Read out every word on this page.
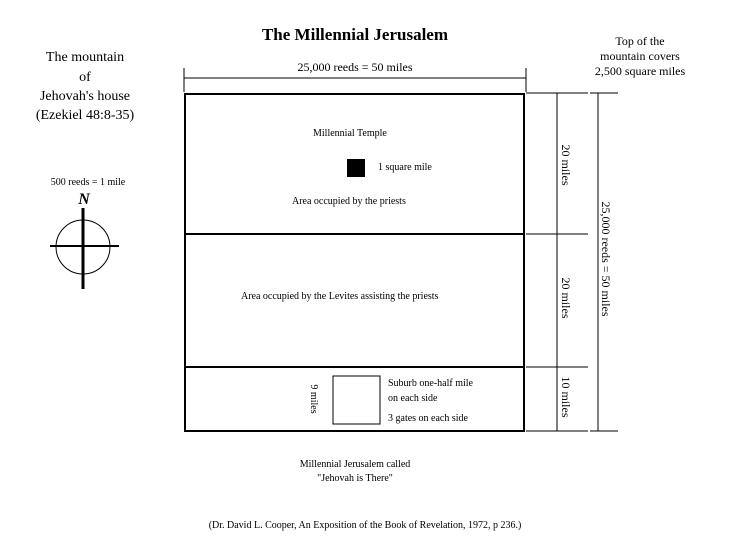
The Millennial Jerusalem
The mountain
of
Jehovah's house
(Ezekiel 48:8-35)
Top of the
mountain covers
2,500 square miles
500 reeds = 1 mile
N
25,000 reeds = 50 miles
Millennial Temple
1 square mile
Area occupied by the priests
Area occupied by the Levites assisting the priests
9 miles
Suburb one-half mile
on each side
3 gates on each side
20 miles
20 miles
10 miles
25,000 reeds = 50 miles
Millennial Jerusalem called
"Jehovah is There"
(Dr. David L. Cooper, An Exposition of the Book of Revelation, 1972, p 236.)
